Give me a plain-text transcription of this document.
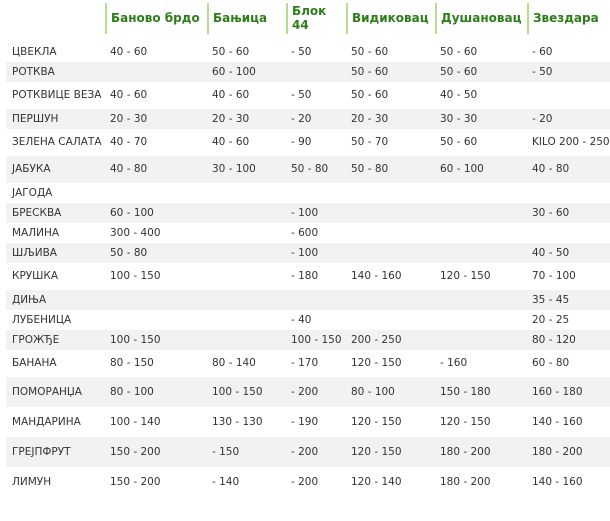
	Баново брдо	Бањица	Блок 44	Видиковац	Душановац	Звездара

ЦВЕКЛА	40 - 60	50 - 60	- 50	50 - 60	50 - 60	- 60
РОТКВА		60 - 100		50 - 60	50 - 60	- 50
РОТКВИЦЕ ВЕЗА	40 - 60	40 - 60	- 50	50 - 60	40 - 50	
ПЕРШУН	20 - 30	20 - 30	- 20	20 - 30	30 - 30	- 20
ЗЕЛЕНА САЛАТА	40 - 70	40 - 60	- 90	50 - 70	50 - 60	KILO 200 - 250
ЈАБУКА	40 - 80	30 - 100	50 - 80	50 - 80	60 - 100	40 - 80
ЈАГОДА						
БРЕСКВА	60 - 100		- 100			30 - 60
МАЛИНА	300 - 400		- 600			
ШЉИВА	50 - 80		- 100			40 - 50
КРУШКА	100 - 150		- 180	140 - 160	120 - 150	70 - 100
ДИЊА						35 - 45
ЛУБЕНИЦА			- 40			20 - 25
ГРОЖЂЕ	100 - 150		100 - 150	200 - 250		80 - 120
БАНАНА	80 - 150	80 - 140	- 170	120 - 150	- 160	60 - 80
ПОМОРАНЏА	80 - 100	100 - 150	- 200	80 - 100	150 - 180	160 - 180
МАНДАРИНА	100 - 140	130 - 130	- 190	120 - 150	120 - 150	140 - 160
ГРЕЈПФРУТ	150 - 200	- 150	- 200	120 - 150	180 - 200	180 - 200
ЛИМУН	150 - 200	- 140	- 200	120 - 140	180 - 200	140 - 160
